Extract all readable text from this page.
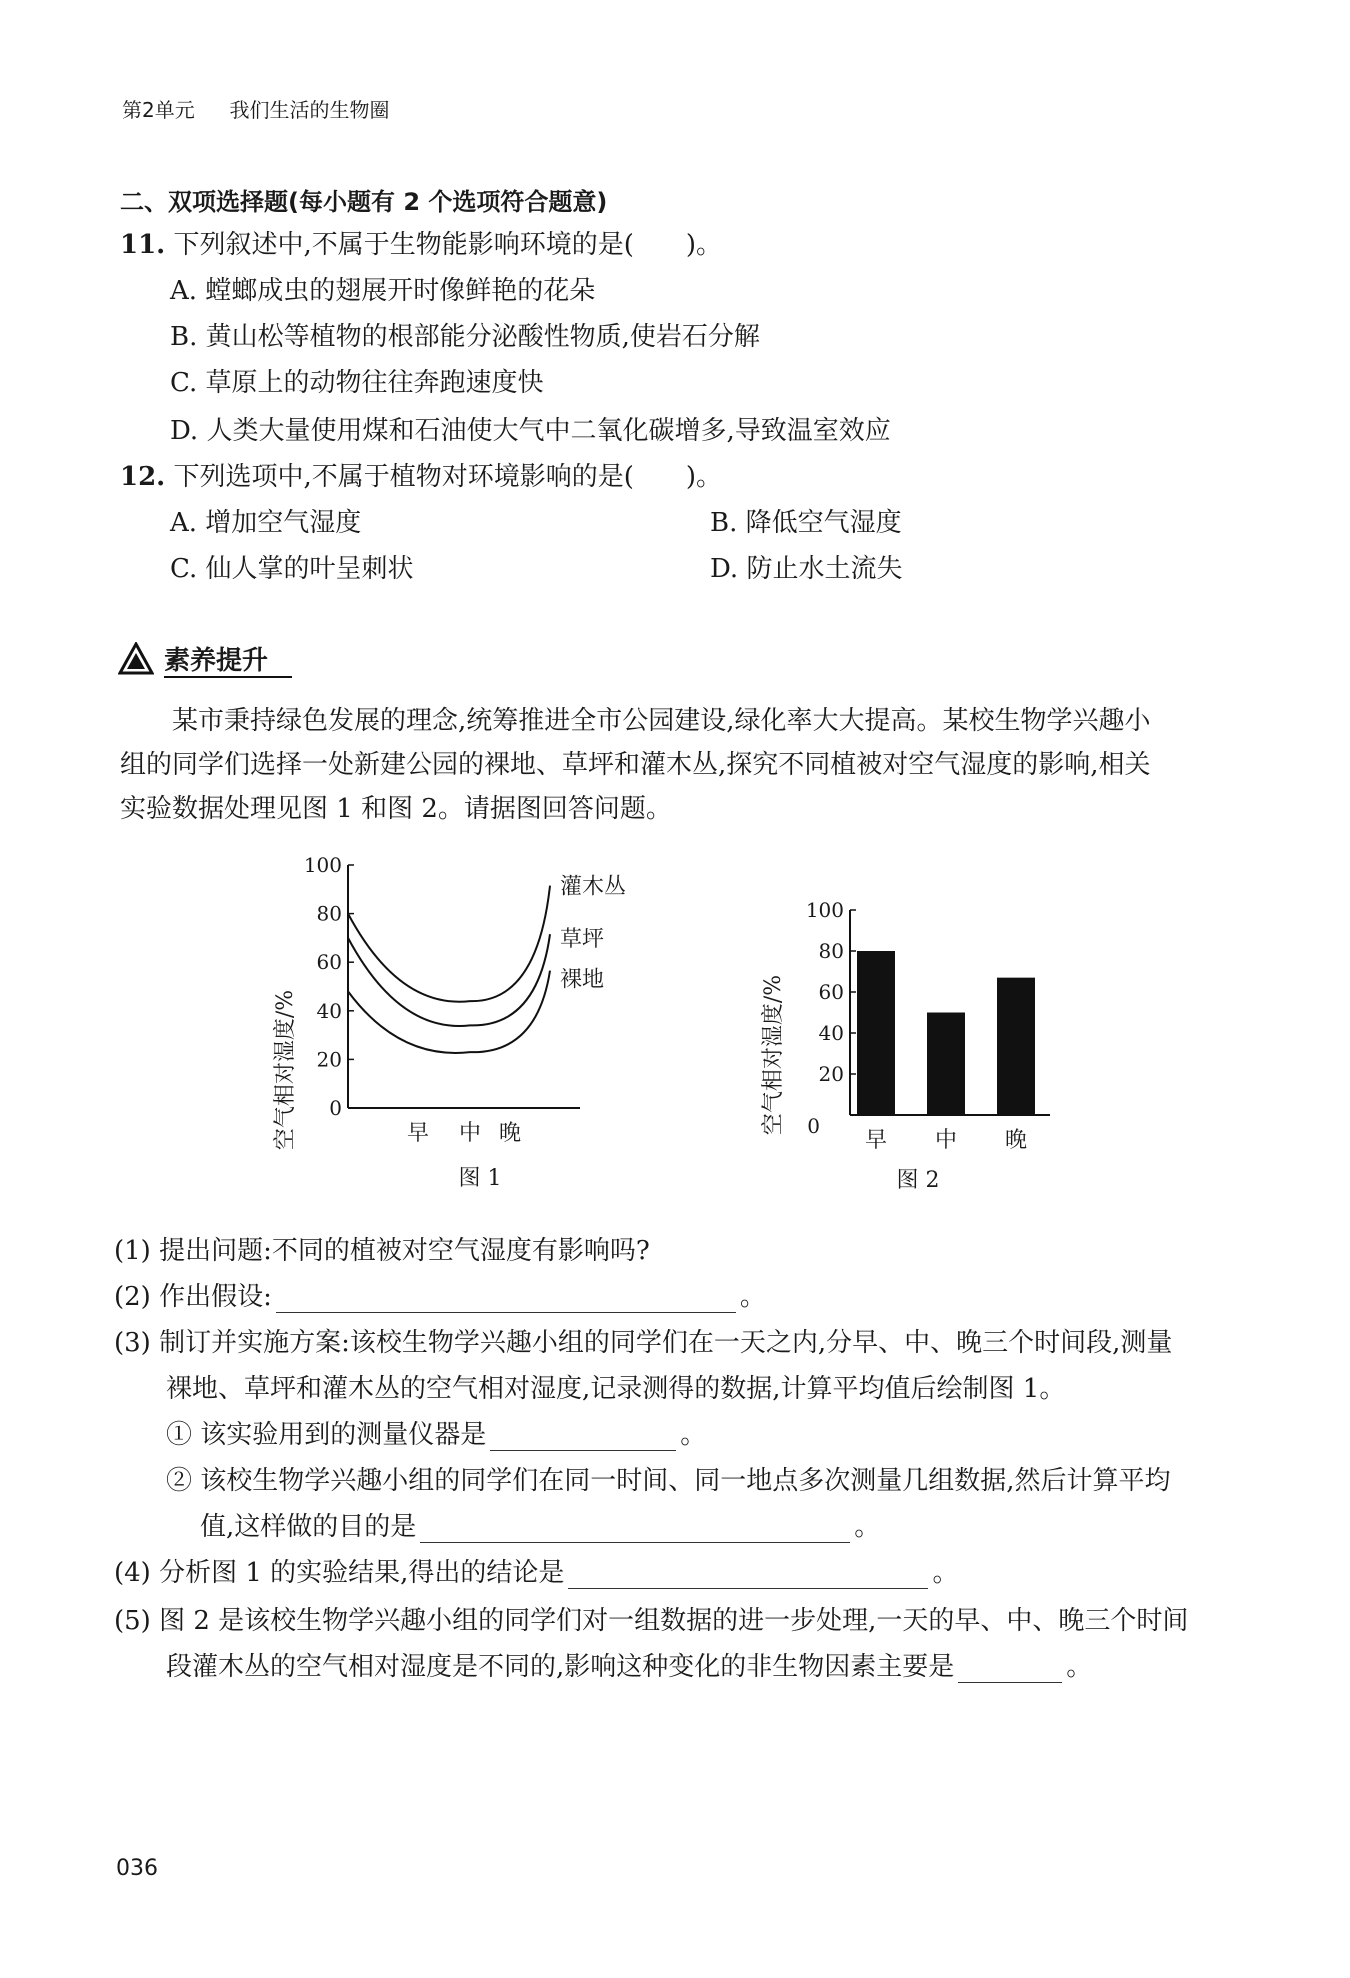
第2单元 我们生活的生物圈
二、双项选择题(每小题有 2 个选项符合题意)
11. 下列叙述中,不属于生物能影响环境的是(　　)。
A. 螳螂成虫的翅展开时像鲜艳的花朵
B. 黄山松等植物的根部能分泌酸性物质,使岩石分解
C. 草原上的动物往往奔跑速度快
D. 人类大量使用煤和石油使大气中二氧化碳增多,导致温室效应
12. 下列选项中,不属于植物对环境影响的是(　　)。
A. 增加空气湿度	B. 降低空气湿度
C. 仙人掌的叶呈刺状	D. 防止水土流失
素养提升
某市秉持绿色发展的理念,统筹推进全市公园建设,绿化率大大提高。某校生物学兴趣小
组的同学们选择一处新建公园的裸地、草坪和灌木丛,探究不同植被对空气湿度的影响,相关
实验数据处理见图 1 和图 2。请据图回答问题。
0
20
40
60
80
100
早 中 晚
灌木丛
草坪
裸地
空气相对湿度/%
图 1
0
20
40
60
80
100
早 中 晚
空气相对湿度/%
图 2
(1) 提出问题:不同的植被对空气湿度有影响吗?
(2) 作出假设:	。
(3) 制订并实施方案:该校生物学兴趣小组的同学们在一天之内,分早、中、晚三个时间段,测量
裸地、草坪和灌木丛的空气相对湿度,记录测得的数据,计算平均值后绘制图 1。
① 该实验用到的测量仪器是	。
② 该校生物学兴趣小组的同学们在同一时间、同一地点多次测量几组数据,然后计算平均
值,这样做的目的是	。
(4) 分析图 1 的实验结果,得出的结论是	。
(5) 图 2 是该校生物学兴趣小组的同学们对一组数据的进一步处理,一天的早、中、晚三个时间
段灌木丛的空气相对湿度是不同的,影响这种变化的非生物因素主要是	。
036
